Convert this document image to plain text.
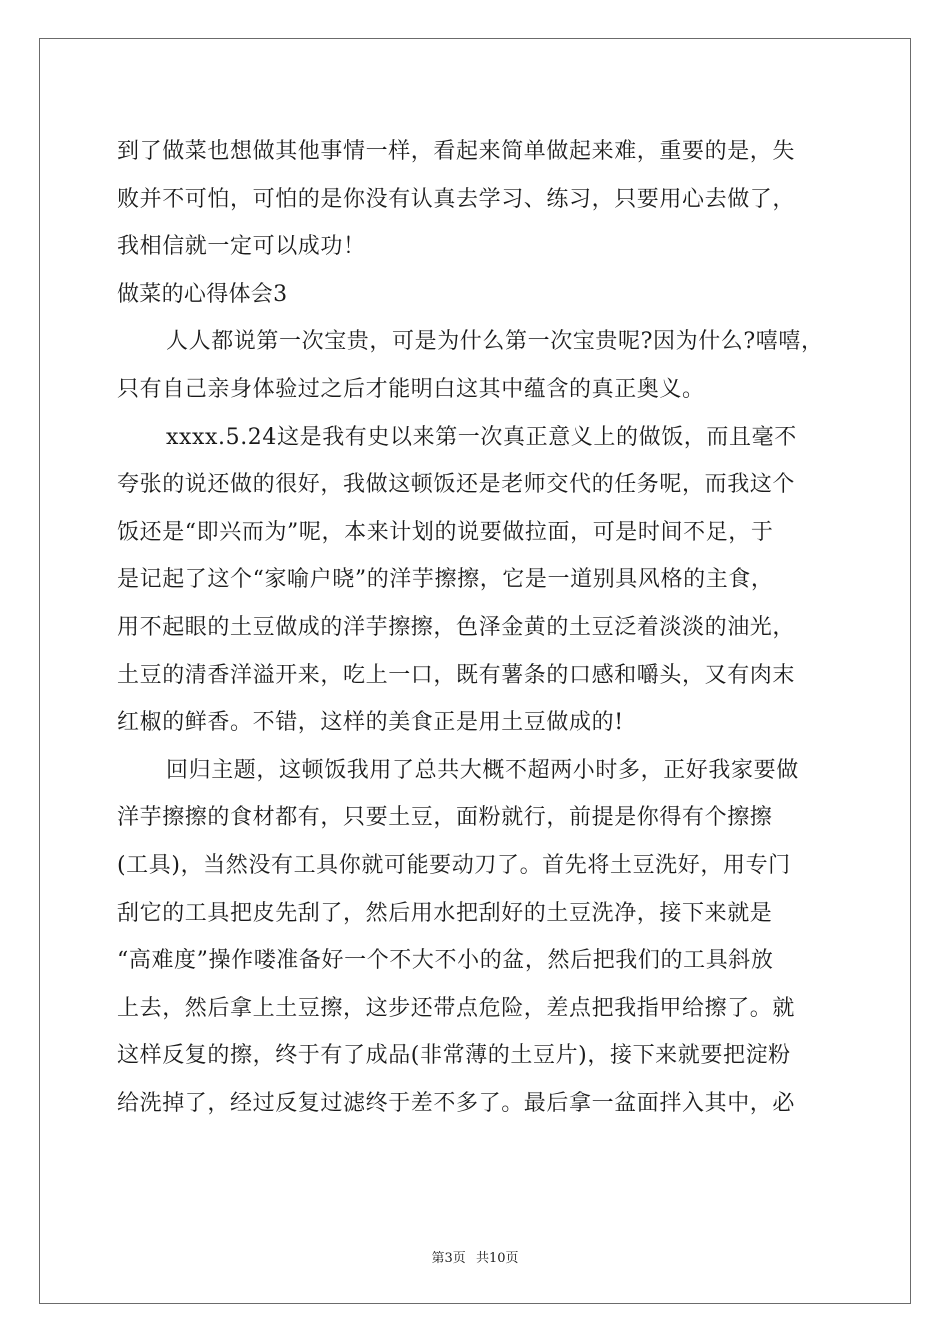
到了做菜也想做其他事情一样，看起来简单做起来难，重要的是，失
败并不可怕，可怕的是你没有认真去学习、练习，只要用心去做了，
我相信就一定可以成功！
做菜的心得体会3
人人都说第一次宝贵，可是为什么第一次宝贵呢?因为什么?嘻嘻，
只有自己亲身体验过之后才能明白这其中蕴含的真正奥义。
xxxx.5.24这是我有史以来第一次真正意义上的做饭，而且毫不
夸张的说还做的很好，我做这顿饭还是老师交代的任务呢，而我这个
饭还是“即兴而为”呢，本来计划的说要做拉面，可是时间不足，于
是记起了这个“家喻户晓”的洋芋擦擦，它是一道别具风格的主食，
用不起眼的土豆做成的洋芋擦擦，色泽金黄的土豆泛着淡淡的油光，
土豆的清香洋溢开来，吃上一口，既有薯条的口感和嚼头，又有肉末
红椒的鲜香。不错，这样的美食正是用土豆做成的!
回归主题，这顿饭我用了总共大概不超两小时多，正好我家要做
洋芋擦擦的食材都有，只要土豆，面粉就行，前提是你得有个擦擦
(工具)，当然没有工具你就可能要动刀了。首先将土豆洗好，用专门
刮它的工具把皮先刮了，然后用水把刮好的土豆洗净，接下来就是
“高难度”操作喽准备好一个不大不小的盆，然后把我们的工具斜放
上去，然后拿上土豆擦，这步还带点危险，差点把我指甲给擦了。就
这样反复的擦，终于有了成品(非常薄的土豆片)，接下来就要把淀粉
给洗掉了，经过反复过滤终于差不多了。最后拿一盆面拌入其中，必
第3页 共10页
